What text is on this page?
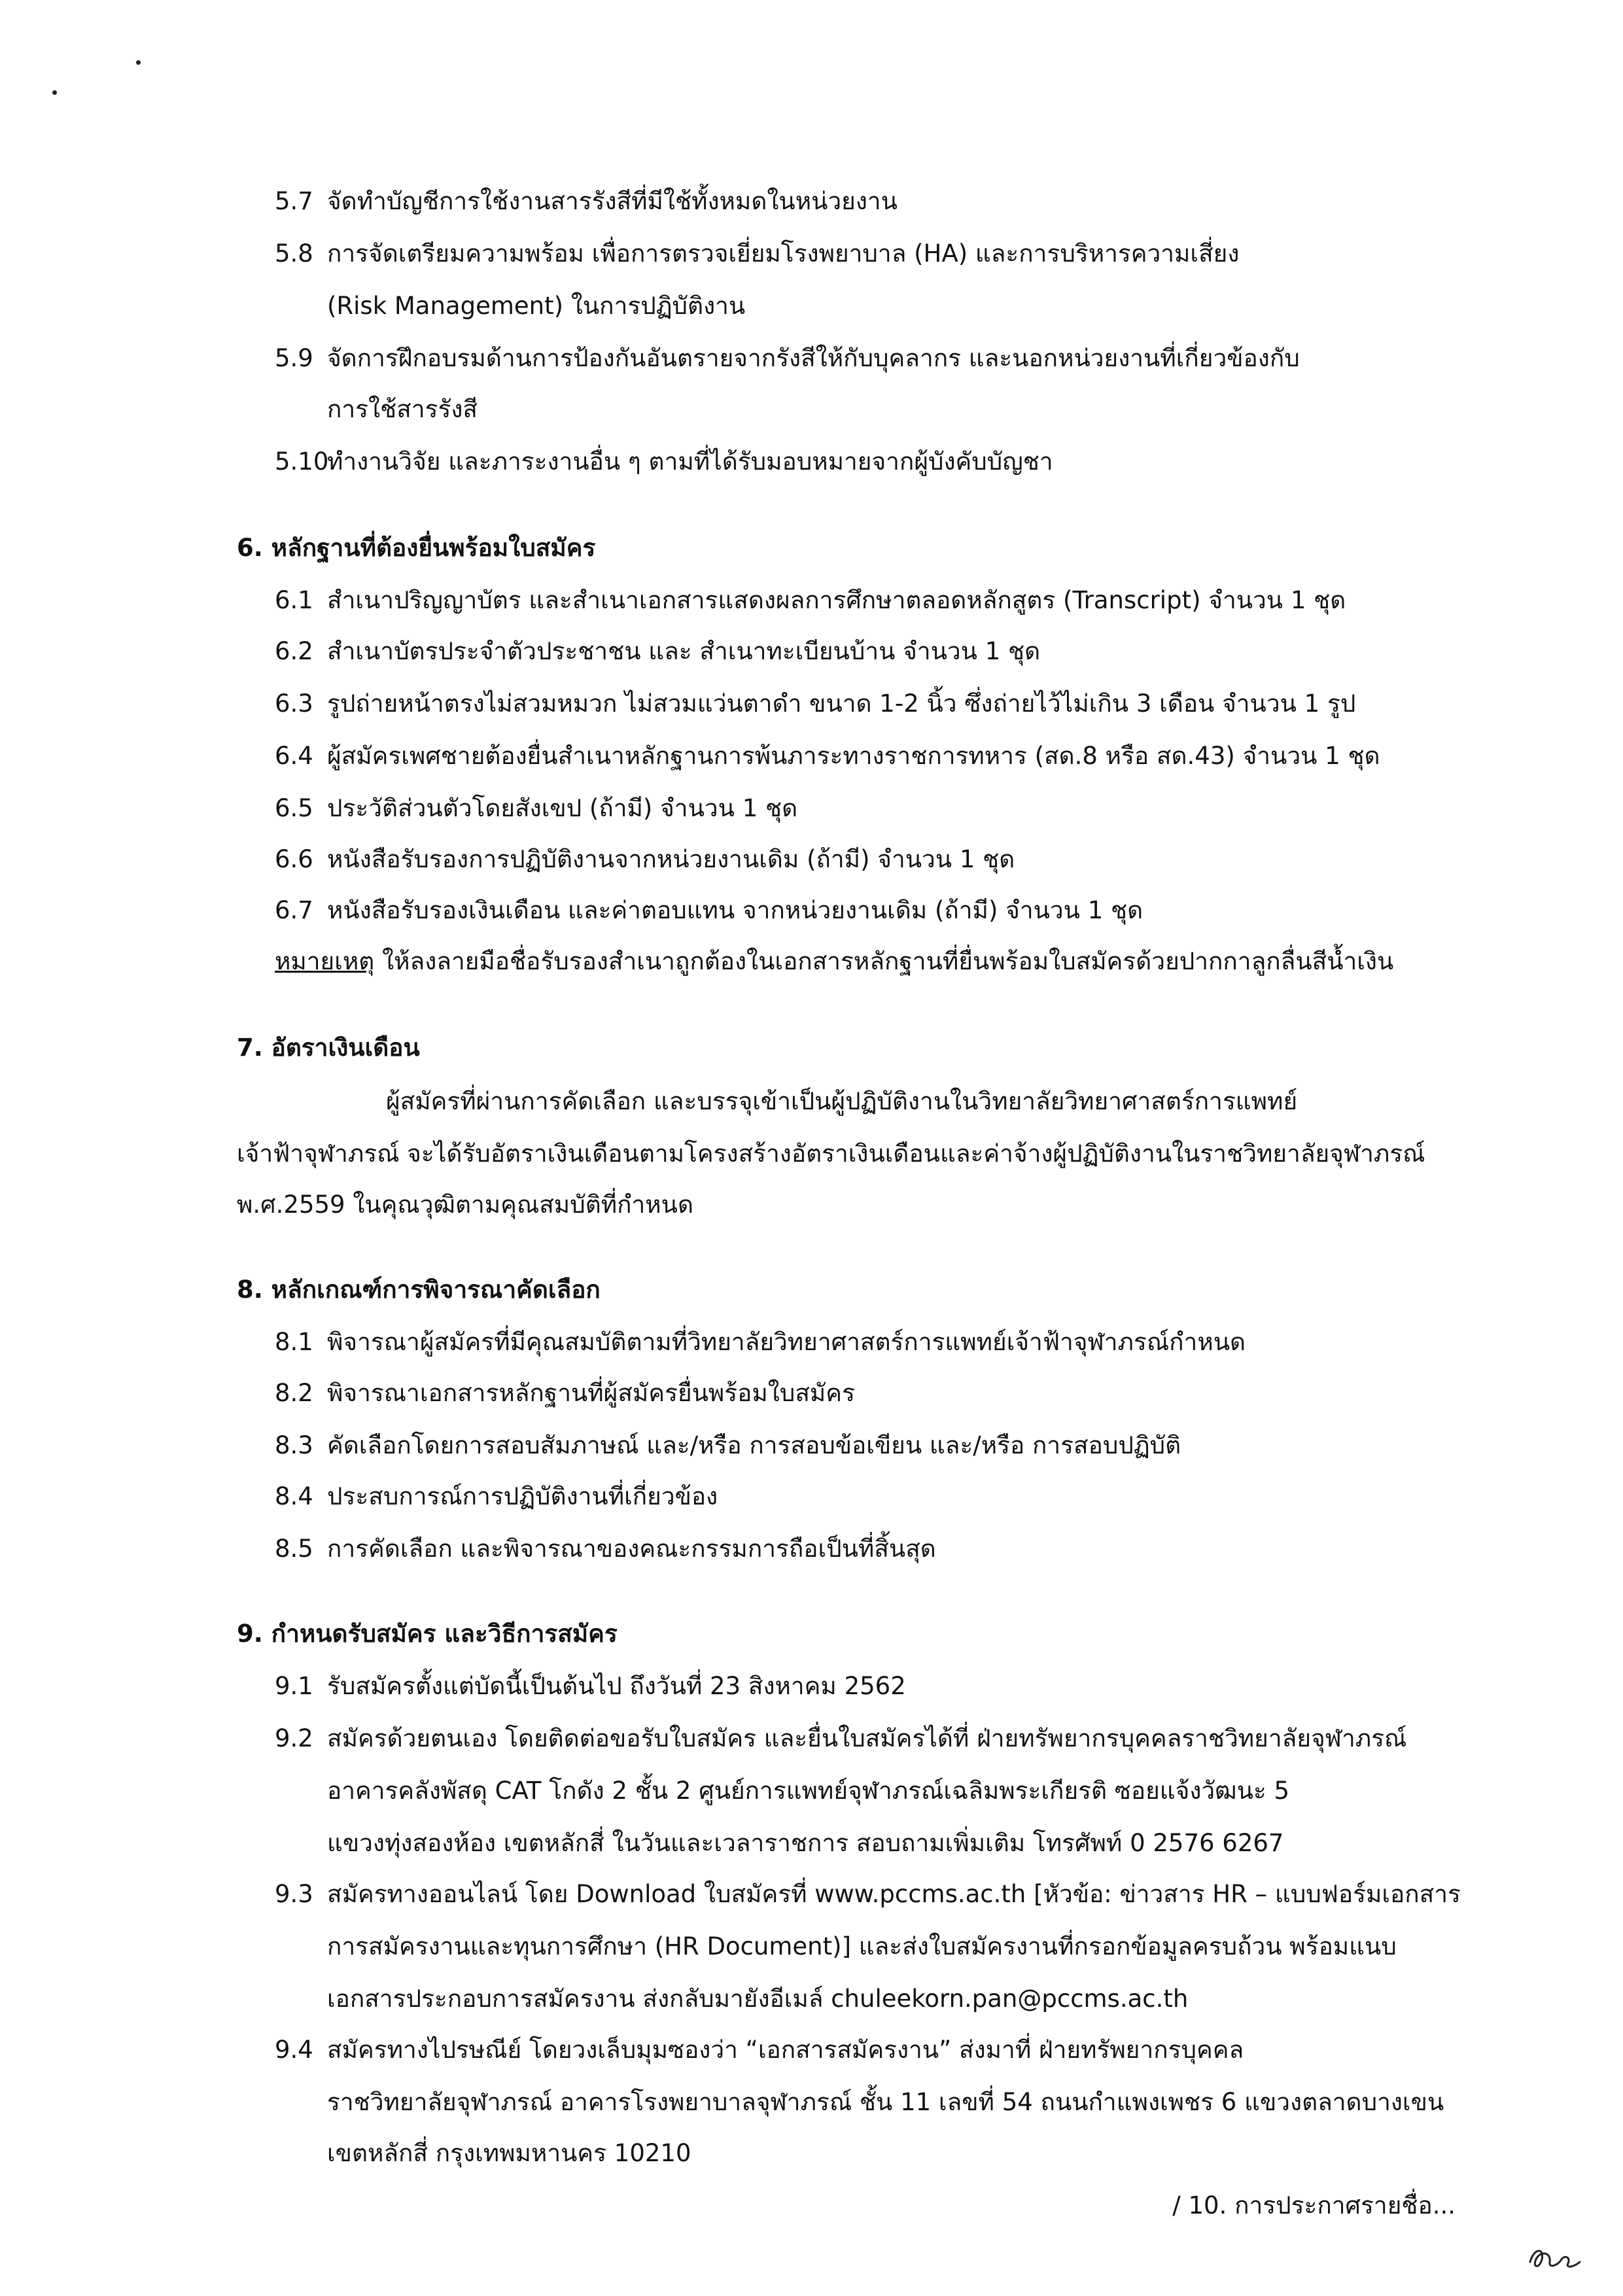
5.7 จัดทำบัญชีการใช้งานสารรังสีที่มีใช้ทั้งหมดในหน่วยงาน
5.8 การจัดเตรียมความพร้อม เพื่อการตรวจเยี่ยมโรงพยาบาล (HA) และการบริหารความเสี่ยง
(Risk Management) ในการปฏิบัติงาน
5.9 จัดการฝึกอบรมด้านการป้องกันอันตรายจากรังสีให้กับบุคลากร และนอกหน่วยงานที่เกี่ยวข้องกับ
การใช้สารรังสี
5.10
ทำงานวิจัย และภาระงานอื่น ๆ ตามที่ได้รับมอบหมายจากผู้บังคับบัญชา
6. หลักฐานที่ต้องยื่นพร้อมใบสมัคร
6.1 สำเนาปริญญาบัตร และสำเนาเอกสารแสดงผลการศึกษาตลอดหลักสูตร (Transcript) จำนวน 1 ชุด
6.2 สำเนาบัตรประจำตัวประชาชน และ สำเนาทะเบียนบ้าน จำนวน 1 ชุด
6.3 รูปถ่ายหน้าตรงไม่สวมหมวก ไม่สวมแว่นตาดำ ขนาด 1-2 นิ้ว ซึ่งถ่ายไว้ไม่เกิน 3 เดือน จำนวน 1 รูป
6.4 ผู้สมัครเพศชายต้องยื่นสำเนาหลักฐานการพ้นภาระทางราชการทหาร (สด.8 หรือ สด.43) จำนวน 1 ชุด
6.5 ประวัติส่วนตัวโดยสังเขป (ถ้ามี) จำนวน 1 ชุด
6.6 หนังสือรับรองการปฏิบัติงานจากหน่วยงานเดิม (ถ้ามี) จำนวน 1 ชุด
6.7 หนังสือรับรองเงินเดือน และค่าตอบแทน จากหน่วยงานเดิม (ถ้ามี) จำนวน 1 ชุด
หมายเหตุ ให้ลงลายมือชื่อรับรองสำเนาถูกต้องในเอกสารหลักฐานที่ยื่นพร้อมใบสมัครด้วยปากกาลูกลื่นสีน้ำเงิน
7. อัตราเงินเดือน
ผู้สมัครที่ผ่านการคัดเลือก และบรรจุเข้าเป็นผู้ปฏิบัติงานในวิทยาลัยวิทยาศาสตร์การแพทย์
เจ้าฟ้าจุฬาภรณ์ จะได้รับอัตราเงินเดือนตามโครงสร้างอัตราเงินเดือนและค่าจ้างผู้ปฏิบัติงานในราชวิทยาลัยจุฬาภรณ์
พ.ศ.2559 ในคุณวุฒิตามคุณสมบัติที่กำหนด
8. หลักเกณฑ์การพิจารณาคัดเลือก
8.1 พิจารณาผู้สมัครที่มีคุณสมบัติตามที่วิทยาลัยวิทยาศาสตร์การแพทย์เจ้าฟ้าจุฬาภรณ์กำหนด
8.2 พิจารณาเอกสารหลักฐานที่ผู้สมัครยื่นพร้อมใบสมัคร
8.3 คัดเลือกโดยการสอบสัมภาษณ์ และ/หรือ การสอบข้อเขียน และ/หรือ การสอบปฏิบัติ
8.4 ประสบการณ์การปฏิบัติงานที่เกี่ยวข้อง
8.5 การคัดเลือก และพิจารณาของคณะกรรมการถือเป็นที่สิ้นสุด
9. กำหนดรับสมัคร และวิธีการสมัคร
9.1 รับสมัครตั้งแต่บัดนี้เป็นต้นไป ถึงวันที่ 23 สิงหาคม 2562
9.2 สมัครด้วยตนเอง โดยติดต่อขอรับใบสมัคร และยื่นใบสมัครได้ที่ ฝ่ายทรัพยากรบุคคลราชวิทยาลัยจุฬาภรณ์
อาคารคลังพัสดุ CAT โกดัง 2 ชั้น 2 ศูนย์การแพทย์จุฬาภรณ์เฉลิมพระเกียรติ ซอยแจ้งวัฒนะ 5
แขวงทุ่งสองห้อง เขตหลักสี่ ในวันและเวลาราชการ สอบถามเพิ่มเติม โทรศัพท์ 0 2576 6267
9.3 สมัครทางออนไลน์ โดย Download ใบสมัครที่ www.pccms.ac.th [หัวข้อ: ข่าวสาร HR – แบบฟอร์มเอกสาร
การสมัครงานและทุนการศึกษา (HR Document)] และส่งใบสมัครงานที่กรอกข้อมูลครบถ้วน พร้อมแนบ
เอกสารประกอบการสมัครงาน ส่งกลับมายังอีเมล์ chuleekorn.pan@pccms.ac.th
9.4 สมัครทางไปรษณีย์ โดยวงเล็บมุมซองว่า “เอกสารสมัครงาน” ส่งมาที่ ฝ่ายทรัพยากรบุคคล
ราชวิทยาลัยจุฬาภรณ์ อาคารโรงพยาบาลจุฬาภรณ์ ชั้น 11 เลขที่ 54 ถนนกำแพงเพชร 6 แขวงตลาดบางเขน
เขตหลักสี่ กรุงเทพมหานคร 10210
/ 10. การประกาศรายชื่อ...
